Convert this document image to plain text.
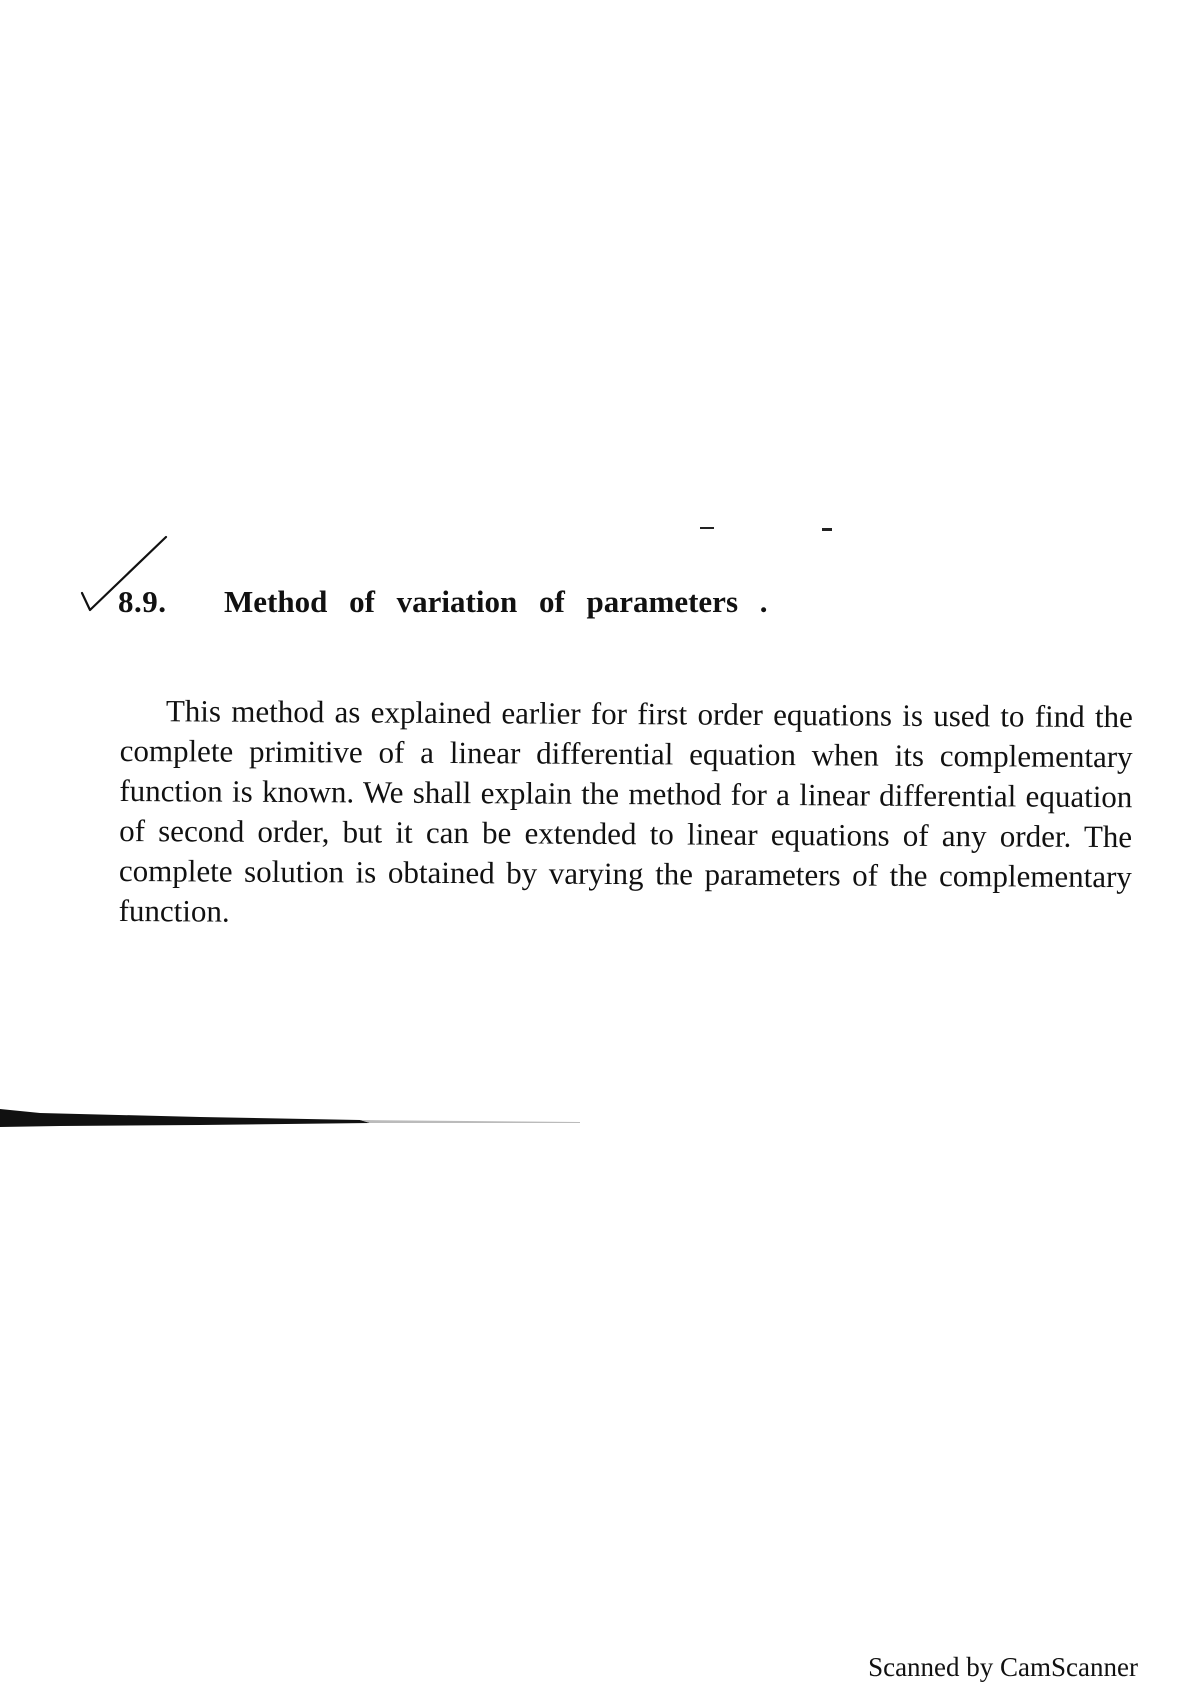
8.9. Method of variation of parameters .

This method as explained earlier for first order equations is used to find the complete primitive of a linear differential equation when its complementary function is known. We shall explain the method for a linear differential equation of second order, but it can be extended to linear equations of any order. The complete solution is obtained by varying the parameters of the complementary function.

Scanned by CamScanner
